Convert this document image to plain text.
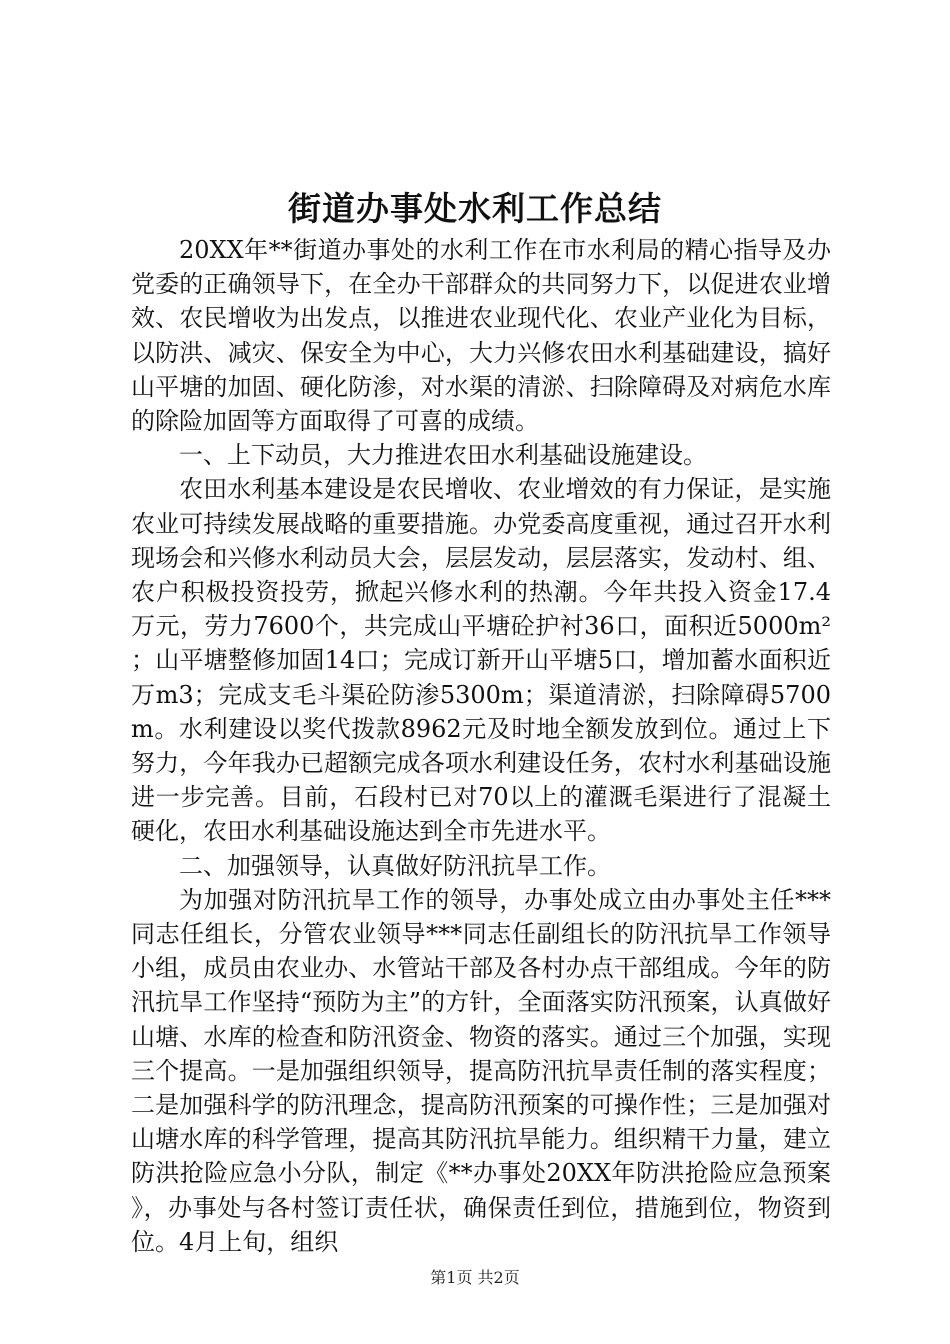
街道办事处水利工作总结

20XX年**街道办事处的水利工作在市水利局的精心指导及办党委的正确领导下，在全办干部群众的共同努力下，以促进农业增效、农民增收为出发点，以推进农业现代化、农业产业化为目标，以防洪、减灾、保安全为中心，大力兴修农田水利基础建设，搞好山平塘的加固、硬化防渗，对水渠的清淤、扫除障碍及对病危水库的除险加固等方面取得了可喜的成绩。

一、上下动员，大力推进农田水利基础设施建设。

农田水利基本建设是农民增收、农业增效的有力保证，是实施农业可持续发展战略的重要措施。办党委高度重视，通过召开水利现场会和兴修水利动员大会，层层发动，层层落实，发动村、组、农户积极投资投劳，掀起兴修水利的热潮。今年共投入资金17.4万元，劳力7600个，共完成山平塘砼护衬36口，面积近5000m²；山平塘整修加固14口；完成订新开山平塘5口，增加蓄水面积近万m3；完成支毛斗渠砼防渗5300m；渠道清淤，扫除障碍5700m。水利建设以奖代拨款8962元及时地全额发放到位。通过上下努力，今年我办已超额完成各项水利建设任务，农村水利基础设施进一步完善。目前，石段村已对70以上的灌溉毛渠进行了混凝土硬化，农田水利基础设施达到全市先进水平。

二、加强领导，认真做好防汛抗旱工作。

为加强对防汛抗旱工作的领导，办事处成立由办事处主任***同志任组长，分管农业领导***同志任副组长的防汛抗旱工作领导小组，成员由农业办、水管站干部及各村办点干部组成。今年的防汛抗旱工作坚持“预防为主”的方针，全面落实防汛预案，认真做好山塘、水库的检查和防汛资金、物资的落实。通过三个加强，实现三个提高。一是加强组织领导，提高防汛抗旱责任制的落实程度；二是加强科学的防汛理念，提高防汛预案的可操作性；三是加强对山塘水库的科学管理，提高其防汛抗旱能力。组织精干力量，建立防洪抢险应急小分队，制定《**办事处20XX年防洪抢险应急预案》，办事处与各村签订责任状，确保责任到位，措施到位，物资到位。4月上旬，组织

第1页 共2页
